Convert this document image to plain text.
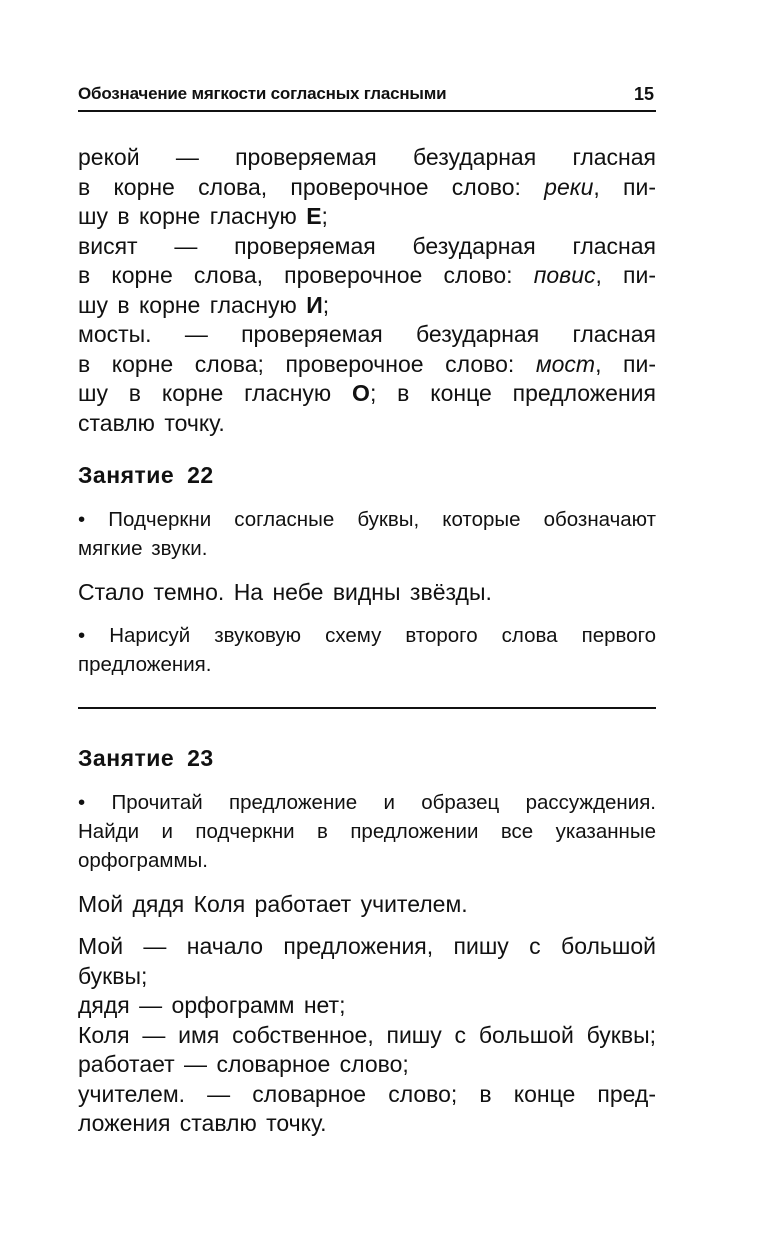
Обозначение мягкости согласных гласными	15
рекой — проверяемая безударная гласная
в корне слова, проверочное слово: реки, пи-
шу в корне гласную Е;
висят — проверяемая безударная гласная
в корне слова, проверочное слово: повис, пи-
шу в корне гласную И;
мосты. — проверяемая безударная гласная
в корне слова; проверочное слово: мост, пи-
шу в корне гласную О; в конце предложения
ставлю точку.
Занятие 22
• Подчеркни согласные буквы, которые обозначают
мягкие звуки.
Стало темно. На небе видны звёзды.
• Нарисуй звуковую схему второго слова первого
предложения.
Занятие 23
• Прочитай предложение и образец рассуждения.
Найди и подчеркни в предложении все указанные
орфограммы.
Мой дядя Коля работает учителем.
Мой — начало предложения, пишу с большой
буквы;
дядя — орфограмм нет;
Коля — имя собственное, пишу с большой буквы;
работает — словарное слово;
учителем. — словарное слово; в конце пред-
ложения ставлю точку.
